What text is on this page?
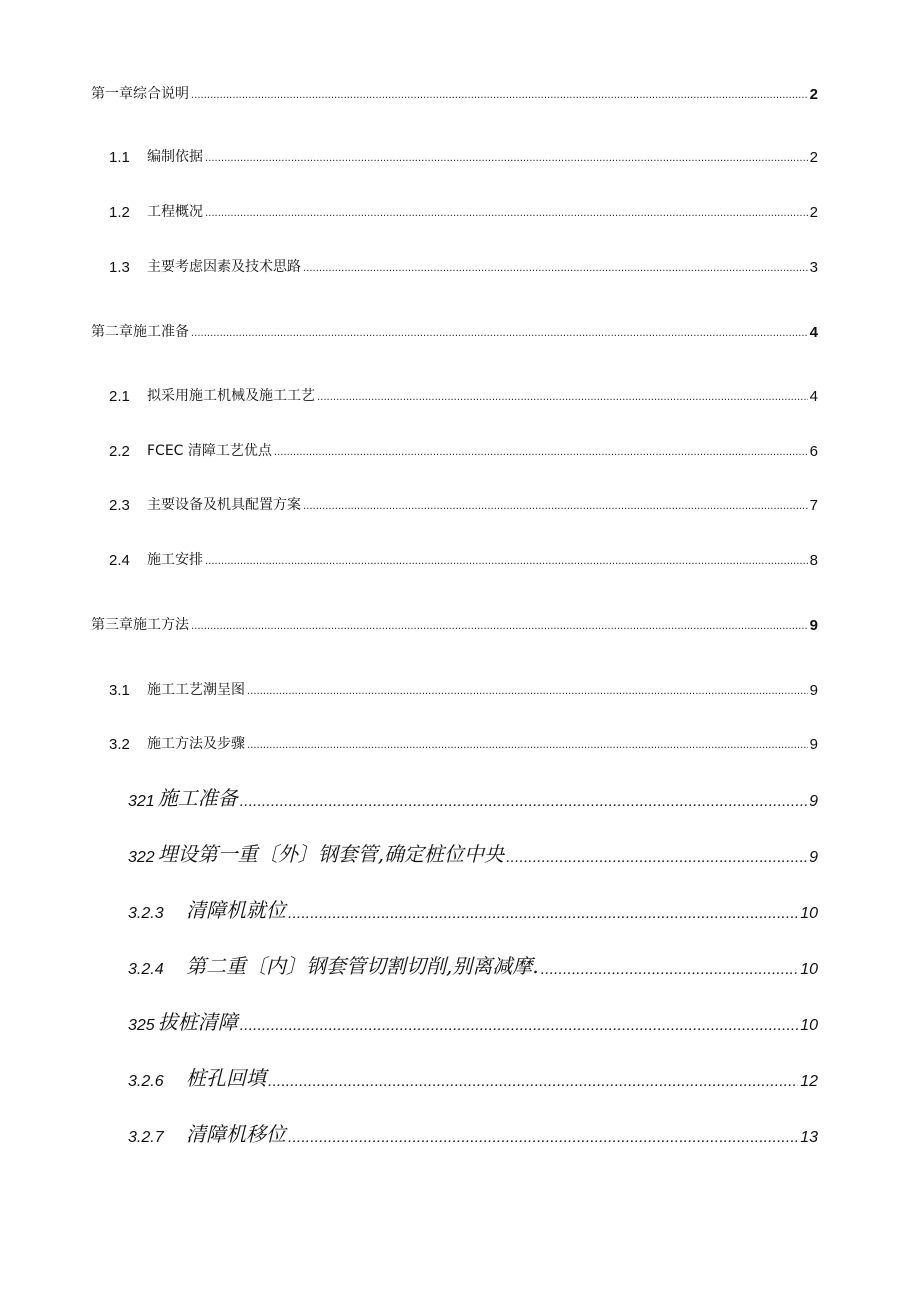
第一章综合说明 .....	2
1.1	编制依据 .....	2
1.2	工程概况 .....	2
1.3	主要考虑因素及技术思路 .....	3
第二章施工准备 .....	4
2.1	拟采用施工机械及施工工艺 .....	4
2.2	FCEC 清障工艺优点 .....	6
2.3	主要设备及机具配置方案 .....	7
2.4	施工安排 .....	8
第三章施工方法 .....	9
3.1	施工工艺潮呈图 .....	9
3.2	施工方法及步骤 .....	9
321 施工准备 .....	9
322 埋设第一重〔外〕钢套管,确定桩位中央 .....	9
3.2.3	清障机就位 .....	10
3.2.4	第二重〔内〕钢套管切割切削,别离减摩. .....	10
325 拔桩清障 .....	10
3.2.6	桩孔回填 .....	12
3.2.7	清障机移位 .....	13
